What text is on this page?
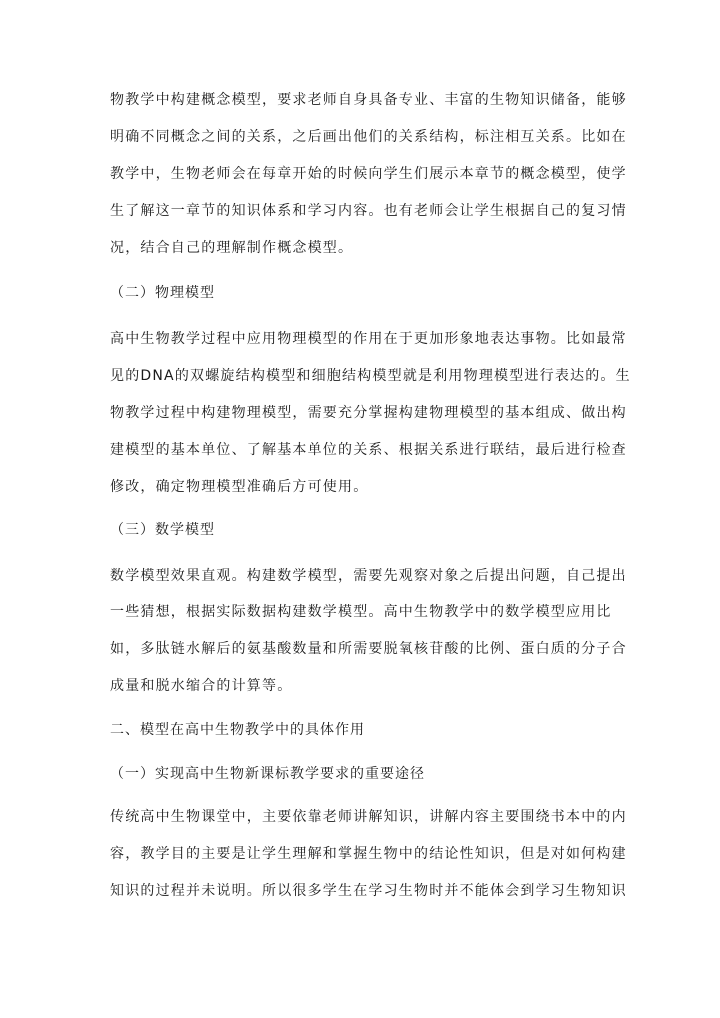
物教学中构建概念模型，要求老师自身具备专业、丰富的生物知识储备，能够
明确不同概念之间的关系，之后画出他们的关系结构，标注相互关系。比如在
教学中，生物老师会在每章开始的时候向学生们展示本章节的概念模型，使学
生了解这一章节的知识体系和学习内容。也有老师会让学生根据自己的复习情
况，结合自己的理解制作概念模型。
（二）物理模型
高中生物教学过程中应用物理模型的作用在于更加形象地表达事物。比如最常
见的DNA的双螺旋结构模型和细胞结构模型就是利用物理模型进行表达的。生
物教学过程中构建物理模型，需要充分掌握构建物理模型的基本组成、做出构
建模型的基本单位、了解基本单位的关系、根据关系进行联结，最后进行检查
修改，确定物理模型准确后方可使用。
（三）数学模型
数学模型效果直观。构建数学模型，需要先观察对象之后提出问题，自己提出
一些猜想，根据实际数据构建数学模型。高中生物教学中的数学模型应用比
如，多肽链水解后的氨基酸数量和所需要脱氧核苷酸的比例、蛋白质的分子合
成量和脱水缩合的计算等。
二、模型在高中生物教学中的具体作用
（一）实现高中生物新课标教学要求的重要途径
传统高中生物课堂中，主要依靠老师讲解知识，讲解内容主要围绕书本中的内
容，教学目的主要是让学生理解和掌握生物中的结论性知识，但是对如何构建
知识的过程并未说明。所以很多学生在学习生物时并不能体会到学习生物知识
